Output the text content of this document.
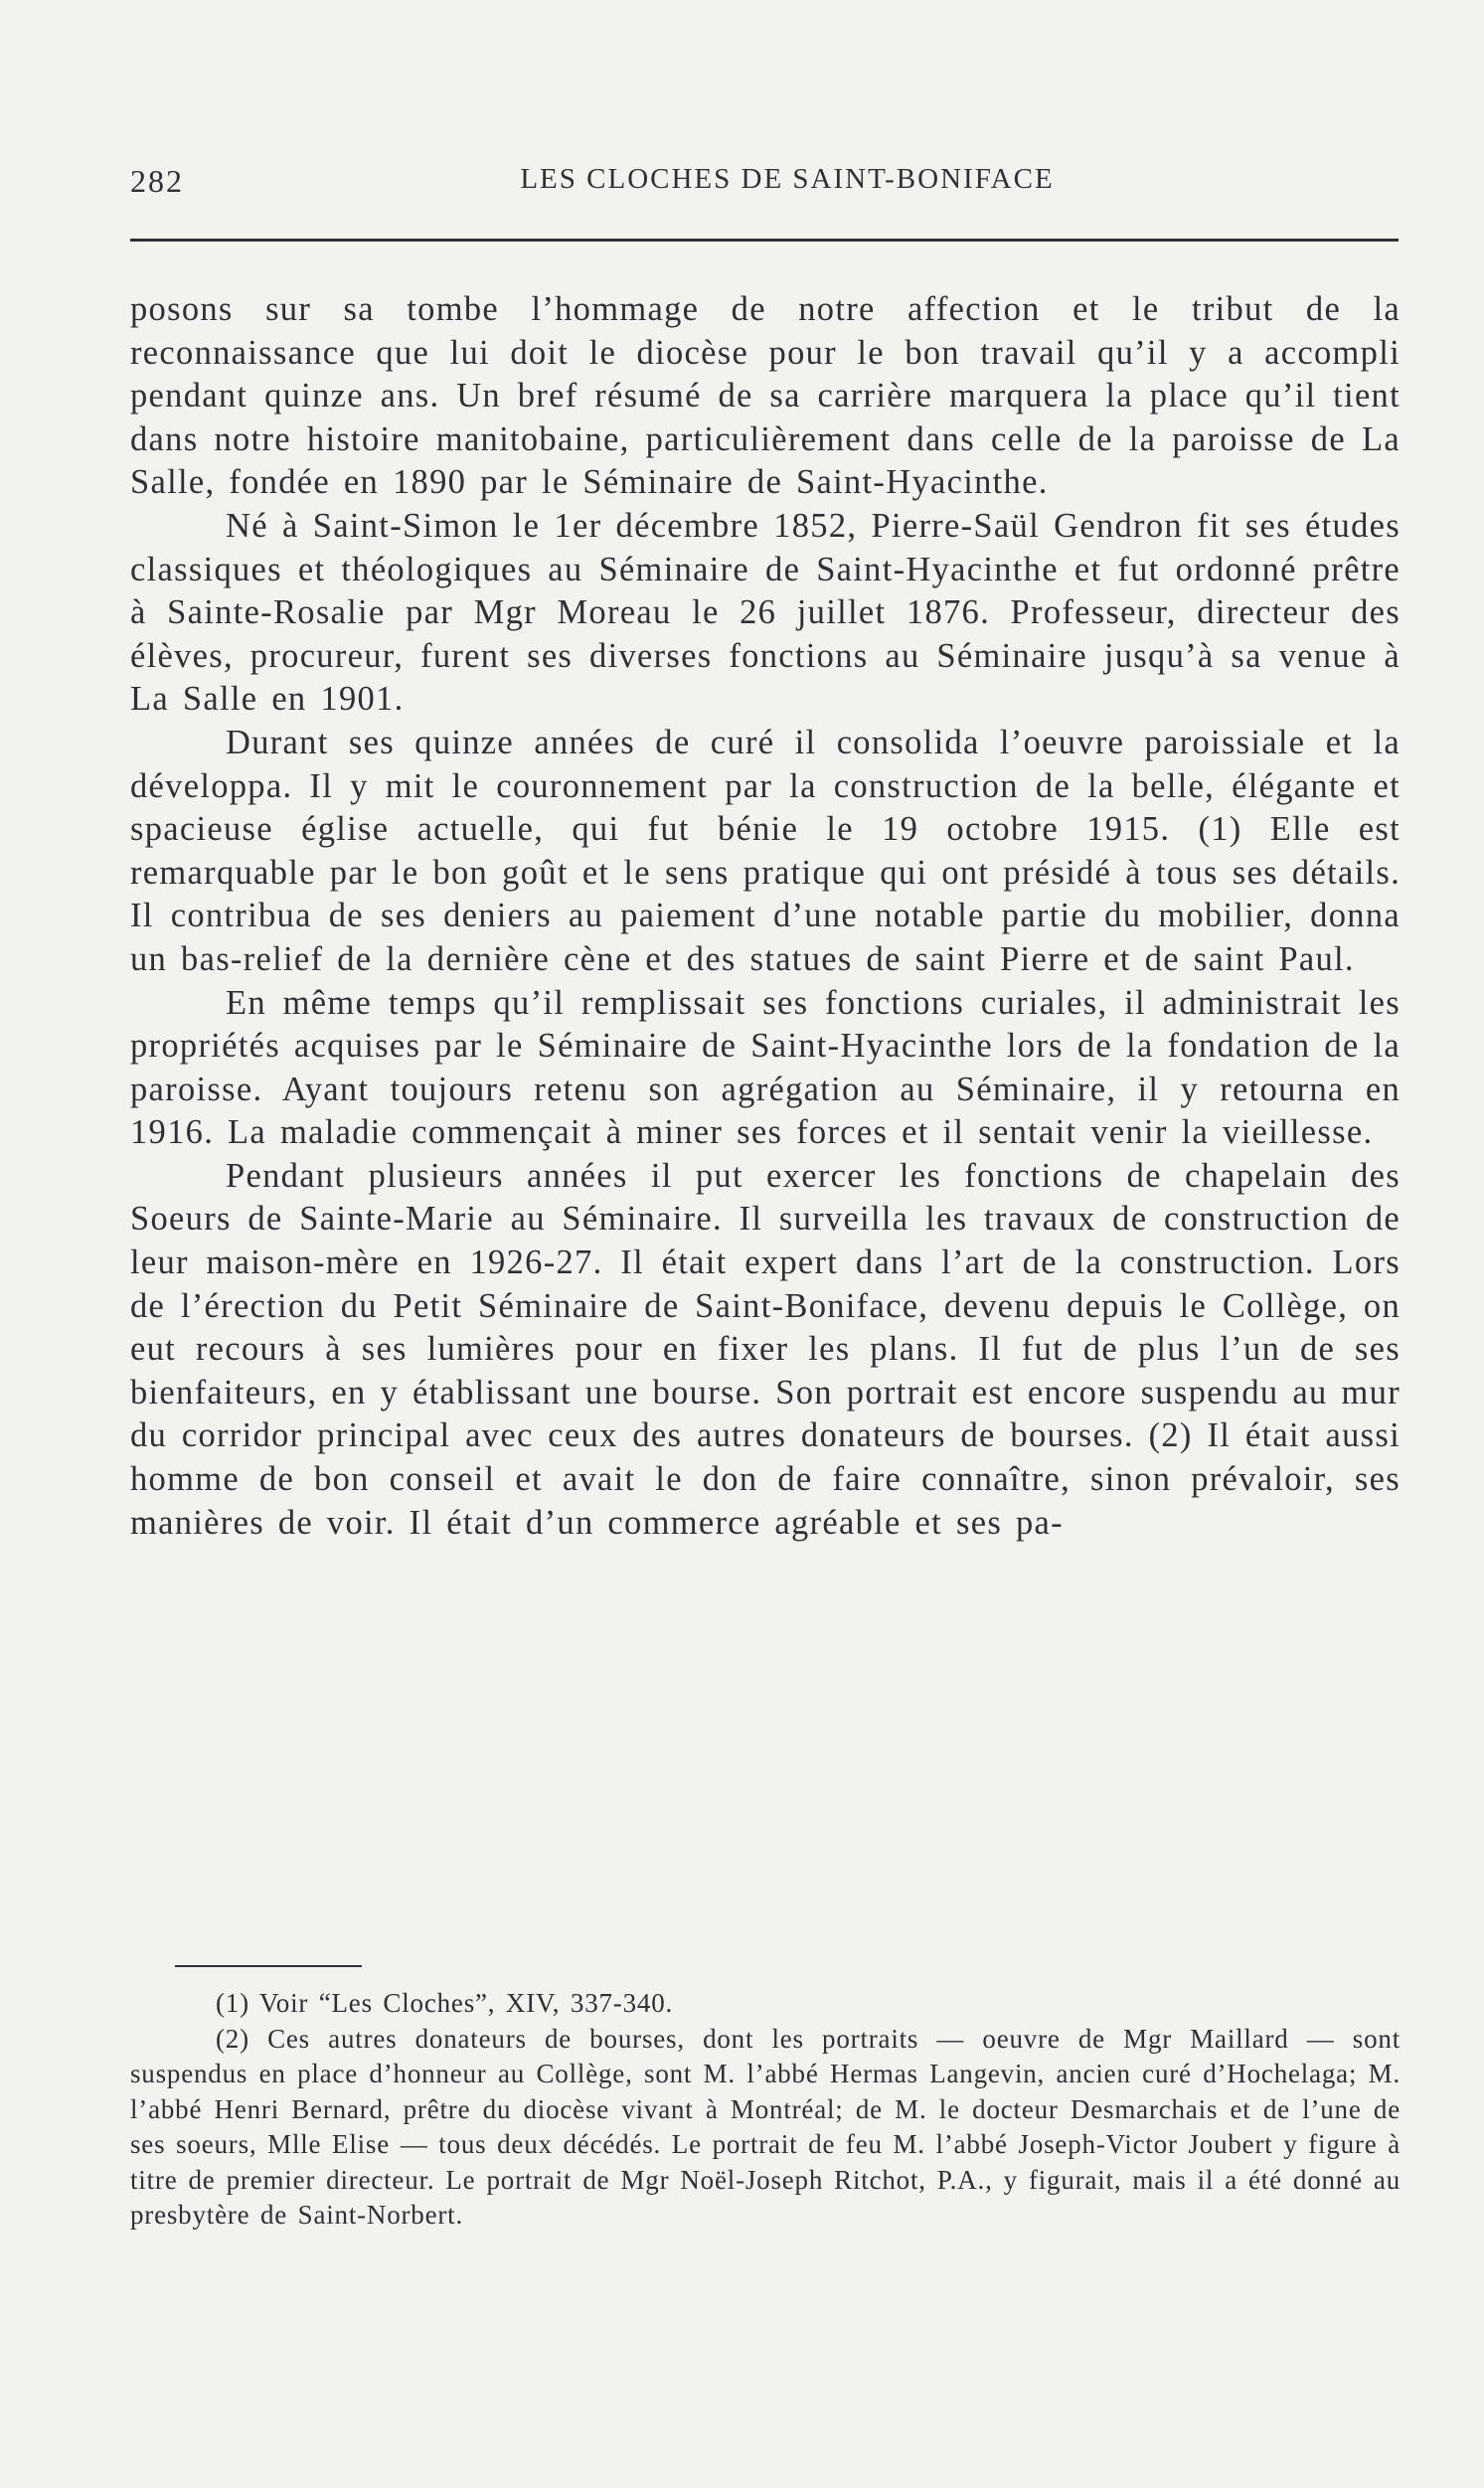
282	LES CLOCHES DE SAINT-BONIFACE

posons sur sa tombe l’hommage de notre affection et le tribut de la reconnaissance que lui doit le diocèse pour le bon travail qu’il y a accompli pendant quinze ans. Un bref résumé de sa carrière marquera la place qu’il tient dans notre histoire manitobaine, particulièrement dans celle de la paroisse de La Salle, fondée en 1890 par le Séminaire de Saint-Hyacinthe.

Né à Saint-Simon le 1er décembre 1852, Pierre-Saül Gendron fit ses études classiques et théologiques au Séminaire de Saint-Hyacinthe et fut ordonné prêtre à Sainte-Rosalie par Mgr Moreau le 26 juillet 1876. Professeur, directeur des élèves, procureur, furent ses diverses fonctions au Séminaire jusqu’à sa venue à La Salle en 1901.

Durant ses quinze années de curé il consolida l’oeuvre paroissiale et la développa. Il y mit le couronnement par la construction de la belle, élégante et spacieuse église actuelle, qui fut bénie le 19 octobre 1915. (1) Elle est remarquable par le bon goût et le sens pratique qui ont présidé à tous ses détails. Il contribua de ses deniers au paiement d’une notable partie du mobilier, donna un bas-relief de la dernière cène et des statues de saint Pierre et de saint Paul.

En même temps qu’il remplissait ses fonctions curiales, il administrait les propriétés acquises par le Séminaire de Saint-Hyacinthe lors de la fondation de la paroisse. Ayant toujours retenu son agrégation au Séminaire, il y retourna en 1916. La maladie commençait à miner ses forces et il sentait venir la vieillesse.

Pendant plusieurs années il put exercer les fonctions de chapelain des Soeurs de Sainte-Marie au Séminaire. Il surveilla les travaux de construction de leur maison-mère en 1926-27. Il était expert dans l’art de la construction. Lors de l’érection du Petit Séminaire de Saint-Boniface, devenu depuis le Collège, on eut recours à ses lumières pour en fixer les plans. Il fut de plus l’un de ses bienfaiteurs, en y établissant une bourse. Son portrait est encore suspendu au mur du corridor principal avec ceux des autres donateurs de bourses. (2) Il était aussi homme de bon conseil et avait le don de faire connaître, sinon prévaloir, ses manières de voir. Il était d’un commerce agréable et ses pa-

(1) Voir “Les Cloches”, XIV, 337-340.

(2) Ces autres donateurs de bourses, dont les portraits — oeuvre de Mgr Maillard — sont suspendus en place d’honneur au Collège, sont M. l’abbé Hermas Langevin, ancien curé d’Hochelaga; M. l’abbé Henri Bernard, prêtre du diocèse vivant à Montréal; de M. le docteur Desmarchais et de l’une de ses soeurs, Mlle Elise — tous deux décédés. Le portrait de feu M. l’abbé Joseph-Victor Joubert y figure à titre de premier directeur. Le portrait de Mgr Noël-Joseph Ritchot, P.A., y figurait, mais il a été donné au presbytère de Saint-Norbert.
